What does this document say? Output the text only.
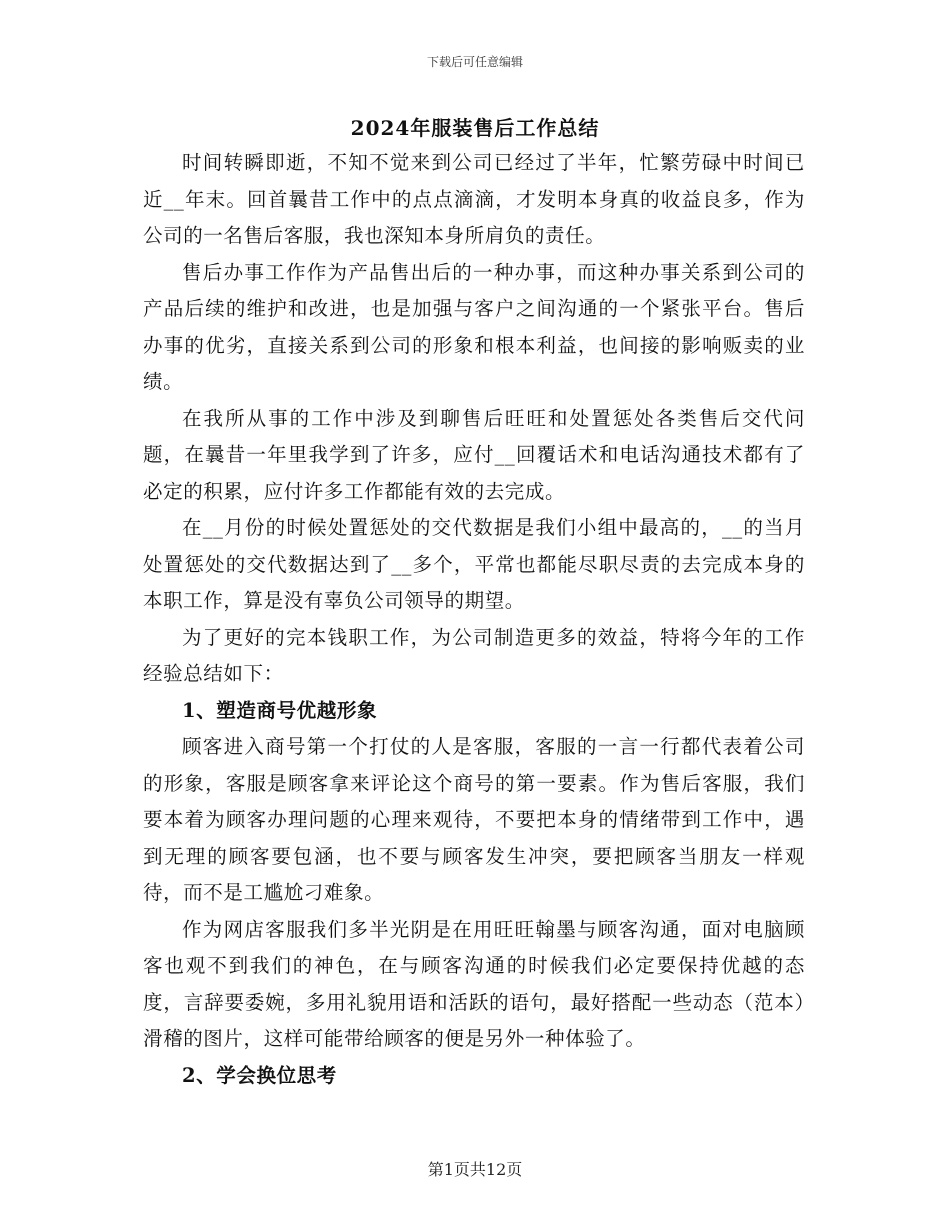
下载后可任意编辑
2024年服装售后工作总结

时间转瞬即逝，不知不觉来到公司已经过了半年，忙繁劳碌中时间已近__年末。回首曩昔工作中的点点滴滴，才发明本身真的收益良多，作为公司的一名售后客服，我也深知本身所肩负的责任。

售后办事工作作为产品售出后的一种办事，而这种办事关系到公司的产品后续的维护和改进，也是加强与客户之间沟通的一个紧张平台。售后办事的优劣，直接关系到公司的形象和根本利益，也间接的影响贩卖的业绩。

在我所从事的工作中涉及到聊售后旺旺和处置惩处各类售后交代问题，在曩昔一年里我学到了许多，应付__回覆话术和电话沟通技术都有了必定的积累，应付许多工作都能有效的去完成。

在__月份的时候处置惩处的交代数据是我们小组中最高的，__的当月处置惩处的交代数据达到了__多个，平常也都能尽职尽责的去完成本身的本职工作，算是没有辜负公司领导的期望。

为了更好的完本钱职工作，为公司制造更多的效益，特将今年的工作经验总结如下：

1、塑造商号优越形象

顾客进入商号第一个打仗的人是客服，客服的一言一行都代表着公司的形象，客服是顾客拿来评论这个商号的第一要素。作为售后客服，我们要本着为顾客办理问题的心理来观待，不要把本身的情绪带到工作中，遇到无理的顾客要包涵，也不要与顾客发生冲突，要把顾客当朋友一样观待，而不是工尴尬刁难象。

作为网店客服我们多半光阴是在用旺旺翰墨与顾客沟通，面对电脑顾客也观不到我们的神色，在与顾客沟通的时候我们必定要保持优越的态度，言辞要委婉，多用礼貌用语和活跃的语句，最好搭配一些动态（范本）滑稽的图片，这样可能带给顾客的便是另外一种体验了。

2、学会换位思考

第1页共12页
